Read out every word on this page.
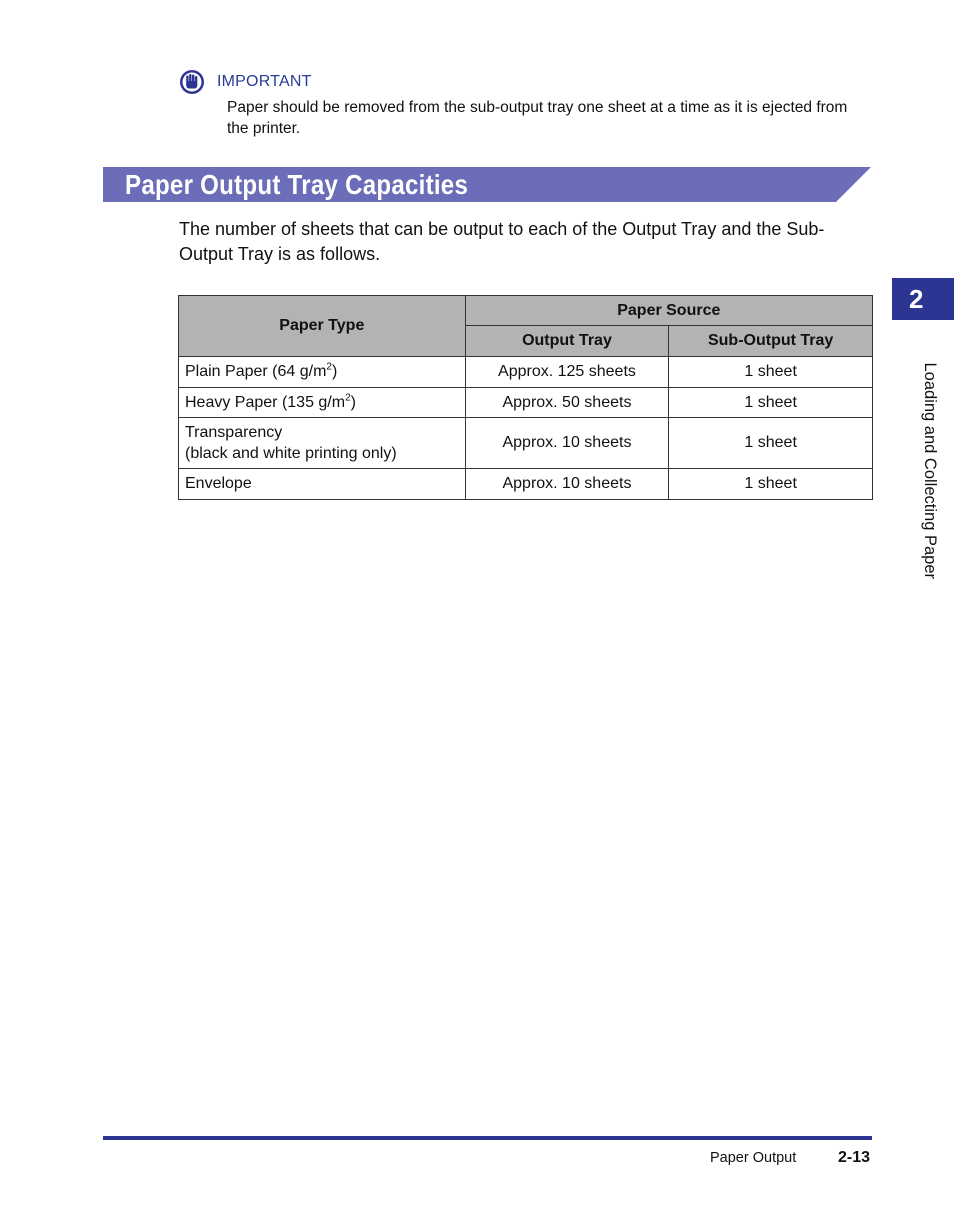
IMPORTANT
Paper should be removed from the sub-output tray one sheet at a time as it is ejected from the printer.
Paper Output Tray Capacities
The number of sheets that can be output to each of the Output Tray and the Sub-Output Tray is as follows.
Paper Type	Paper Source	
	Output Tray	Sub-Output Tray
Plain Paper (64 $g/m^2$)	Approx. 125 sheets	1 sheet
Heavy Paper (135 $g/m^2$)	Approx. 50 sheets	1 sheet

Transparency
(black and white printing only)	Approx. 10 sheets	1 sheet
Envelope	Approx. 10 sheets	1 sheet
2
Loading and Collecting Paper
Paper Output	2-13
